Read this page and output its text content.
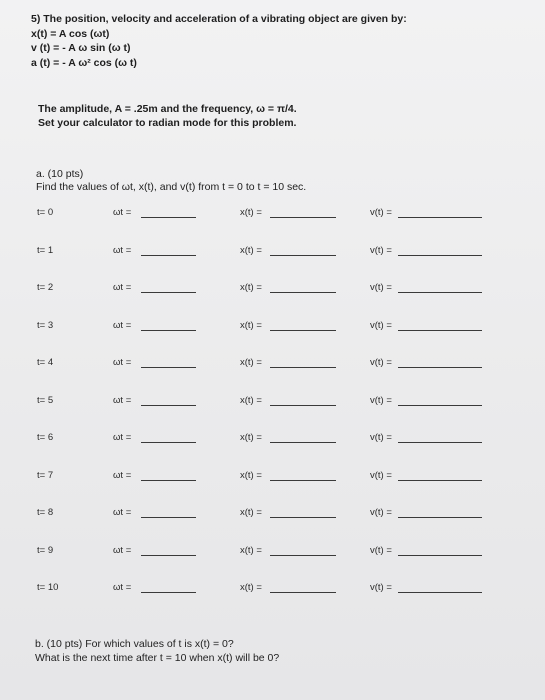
5) The position, velocity and acceleration of a vibrating object are given by:
x(t) = A cos (ωt)
v (t) = - A ω sin (ω t)
a (t) = - A ω² cos (ω t)
The amplitude, A = .25m and the frequency, ω = π/4.
Set your calculator to radian mode for this problem.
a. (10 pts)
Find the values of ωt, x(t), and v(t) from t = 0 to t = 10 sec.
t= 0	ωt =	x(t) =	v(t) =
t= 1	ωt =	x(t) =	v(t) =
t= 2	ωt =	x(t) =	v(t) =
t= 3	ωt =	x(t) =	v(t) =
t= 4	ωt =	x(t) =	v(t) =
t= 5	ωt =	x(t) =	v(t) =
t= 6	ωt =	x(t) =	v(t) =
t= 7	ωt =	x(t) =	v(t) =
t= 8	ωt =	x(t) =	v(t) =
t= 9	ωt =	x(t) =	v(t) =
t= 10	ωt =	x(t) =	v(t) =
b. (10 pts) For which values of t is x(t) = 0?
What is the next time after t = 10 when x(t) will be 0?
